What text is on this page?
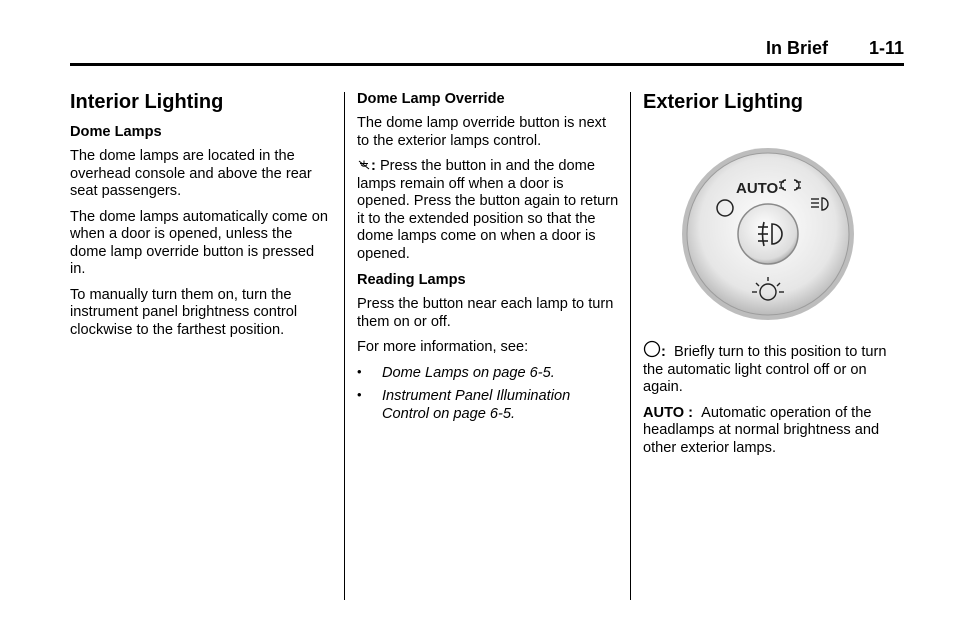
In Brief 1-11
Interior Lighting
Dome Lamps

The dome lamps are located in the overhead console and above the rear seat passengers.

The dome lamps automatically come on when a door is opened, unless the dome lamp override button is pressed in.

To manually turn them on, turn the instrument panel brightness control clockwise to the farthest position.

Dome Lamp Override

The dome lamp override button is next to the exterior lamps control.

: Press the button in and the dome lamps remain off when a door is opened. Press the button again to return it to the extended position so that the dome lamps come on when a door is opened.

Reading Lamps

Press the button near each lamp to turn them on or off.

For more information, see:

• Dome Lamps on page 6-5.
• Instrument Panel Illumination Control on page 6-5.
Exterior Lighting
AUTO

: Briefly turn to this position to turn the automatic light control off or on again.

AUTO : Automatic operation of the headlamps at normal brightness and other exterior lamps.
